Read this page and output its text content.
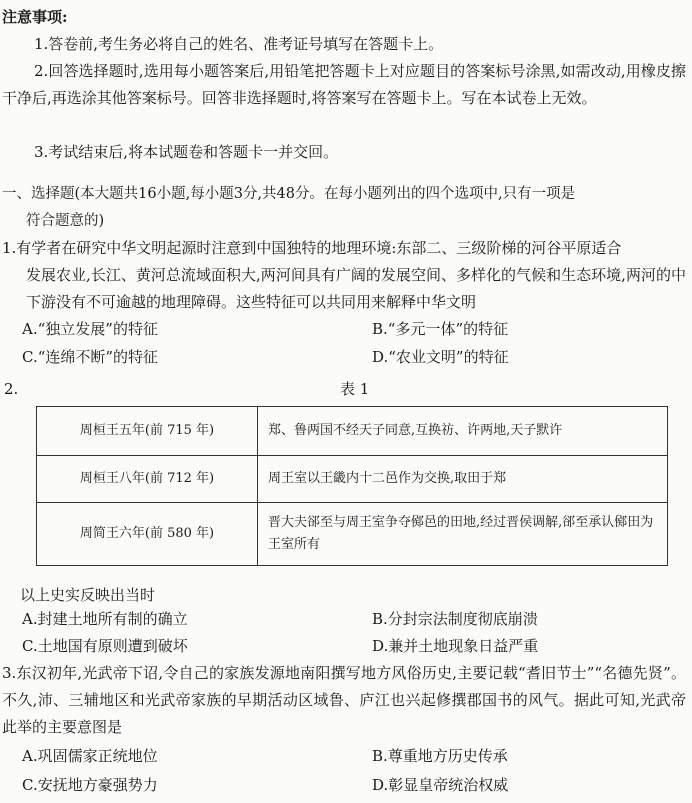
注意事项:
1.答卷前,考生务必将自己的姓名、准考证号填写在答题卡上。
2.回答选择题时,选用每小题答案后,用铅笔把答题卡上对应题目的答案标号涂黑,如需改动,用橡皮擦干净后,再选涂其他答案标号。回答非选择题时,将答案写在答题卡上。写在本试卷上无效。
3.考试结束后,将本试题卷和答题卡一并交回。
一、选择题(本大题共16小题,每小题3分,共48分。在每小题列出的四个选项中,只有一项是
符合题意的)
1.有学者在研究中华文明起源时注意到中国独特的地理环境:东部二、三级阶梯的河谷平原适合
发展农业,长江、黄河总流域面积大,两河间具有广阔的发展空间、多样化的气候和生态环境,两河的中下游没有不可逾越的地理障碍。这些特征可以共同用来解释中华文明
A.“独立发展”的特征	B.“多元一体”的特征
C.“连绵不断”的特征	D.“农业文明”的特征
2.	表 1
周桓王五年(前 715 年)	郑、鲁两国不经天子同意,互换祊、许两地,天子默许
周桓王八年(前 712 年)	周王室以王畿内十二邑作为交换,取田于郑
周简王六年(前 580 年)	晋大夫郤至与周王室争夺鄇邑的田地,经过晋侯调解,郤至承认鄇田为王室所有
以上史实反映出当时
A.封建土地所有制的确立	B.分封宗法制度彻底崩溃
C.土地国有原则遭到破坏	D.兼并土地现象日益严重
3.东汉初年,光武帝下诏,令自己的家族发源地南阳撰写地方风俗历史,主要记载“耆旧节士”“名德先贤”。不久,沛、三辅地区和光武帝家族的早期活动区域鲁、庐江也兴起修撰郡国书的风气。据此可知,光武帝此举的主要意图是
A.巩固儒家正统地位	B.尊重地方历史传承
C.安抚地方豪强势力	D.彰显皇帝统治权威
